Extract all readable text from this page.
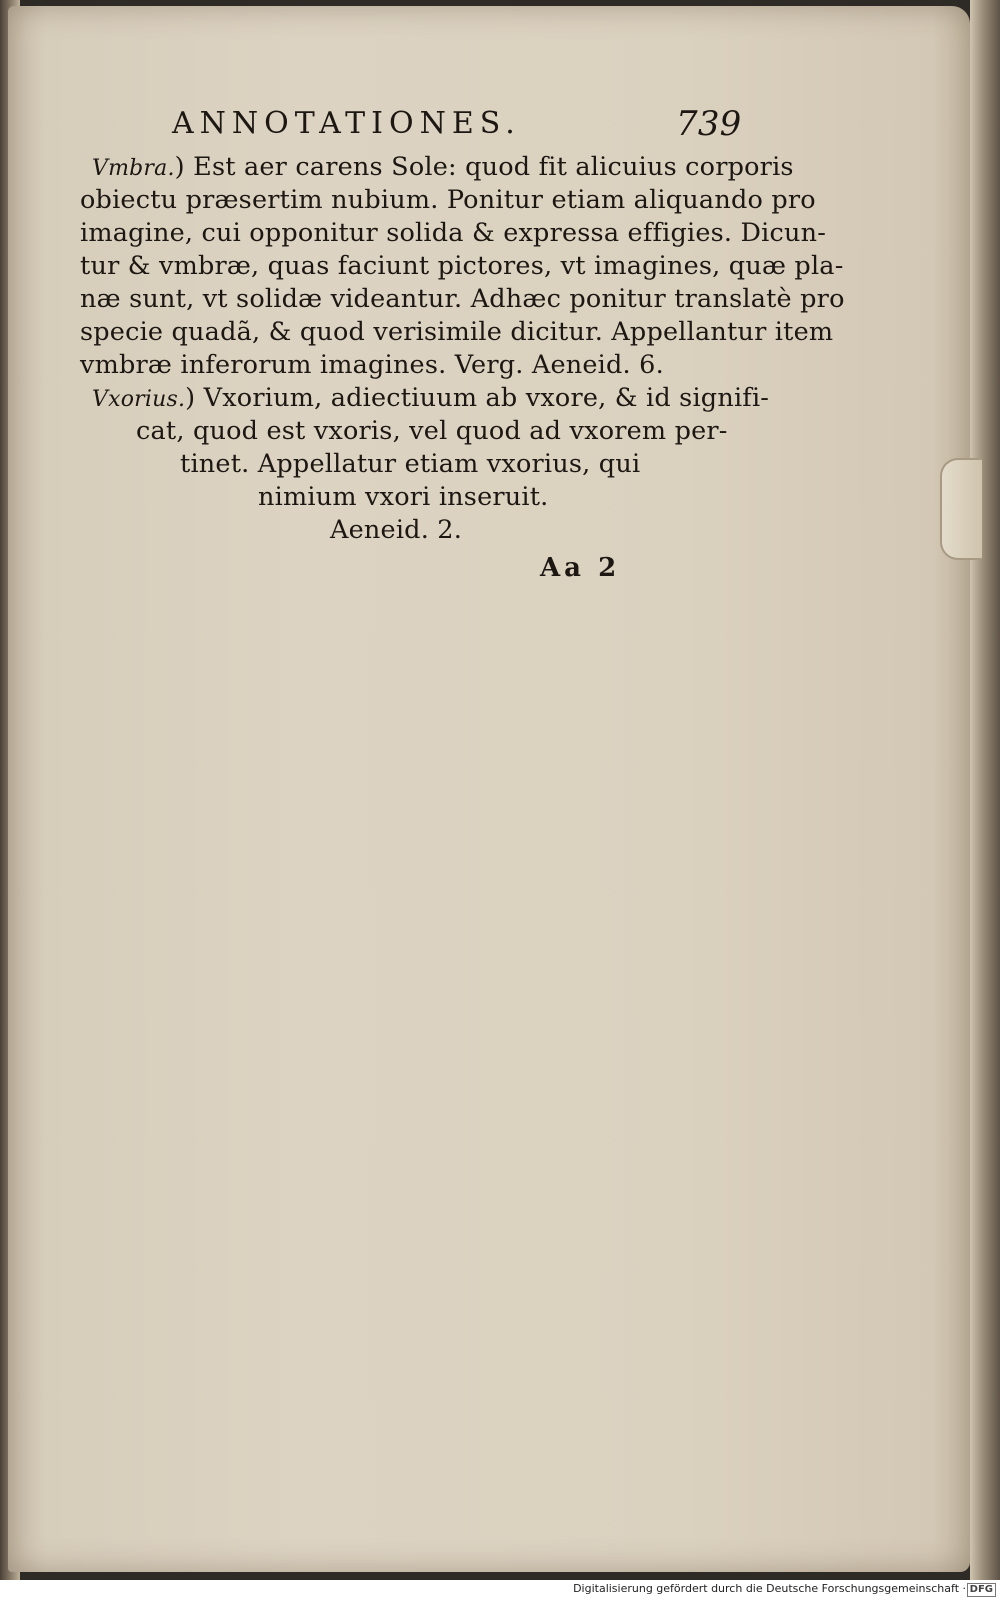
ANNOTATIONES.	739
Vmbra.) Est aer carens Sole: quod fit alicuius corporis
obiectu præsertim nubium. Ponitur etiam aliquando pro
imagine, cui opponitur solida & expressa effigies. Dicun-
tur & vmbræ, quas faciunt pictores, vt imagines, quæ pla-
næ sunt, vt solidæ videantur. Adhæc ponitur translatè pro
specie quadã, & quod verisimile dicitur. Appellantur item
vmbræ inferorum imagines. Verg. Aeneid. 6.
Vxorius.) Vxorium, adiectiuum ab vxore, & id signifi-
cat, quod est vxoris, vel quod ad vxorem per-
tinet. Appellatur etiam vxorius, qui
nimium vxori inseruit.
Aeneid. 2.
Aa 2
Digitalisierung gefördert durch die Deutsche Forschungsgemeinschaft · DFG
